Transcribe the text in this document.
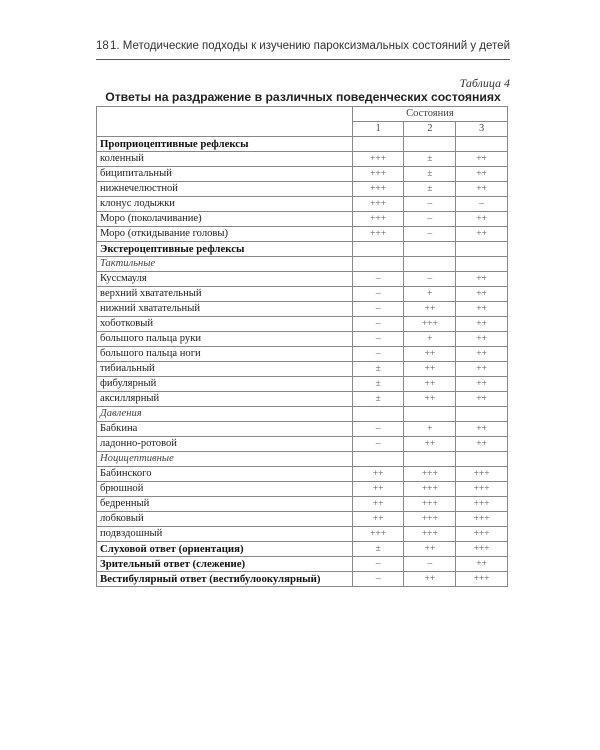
18 1. Методические подходы к изучению пароксизмальных состояний у детей
Таблица 4
Ответы на раздражение в различных поведенческих состояниях
	Состояния		
	1	2	3
Проприоцептивные рефлексы			
коленный	+++	±	++
биципитальный	+++	±	++
нижнечелюстной	+++	±	++
клонус лодыжки	+++	–	–
Моро (поколачивание)	+++	–	++
Моро (откидывание головы)	+++	–	++
Экстероцептивные рефлексы			
Тактильные			
Куссмауля	–	–	++
верхний хватательный	–	+	++
нижний хватательный	–	++	++
хоботковый	–	+++	++
большого пальца руки	–	+	++
большого пальца ноги	–	++	++
тибиальный	±	++	++
фибулярный	±	++	++
аксиллярный	±	++	++
Давления			
Бабкина	–	+	++
ладонно-ротовой	–	++	++
Ноцицептивные			
Бабинского	++	+++	+++
брюшной	++	+++	+++
бедренный	++	+++	+++
лобковый	++	+++	+++
подвздошный	+++	+++	+++
Слуховой ответ (ориентация)	±	++	+++
Зрительный ответ (слежение)	–	–	++
Вестибулярный ответ (вестибулоокулярный)	–	++	+++
